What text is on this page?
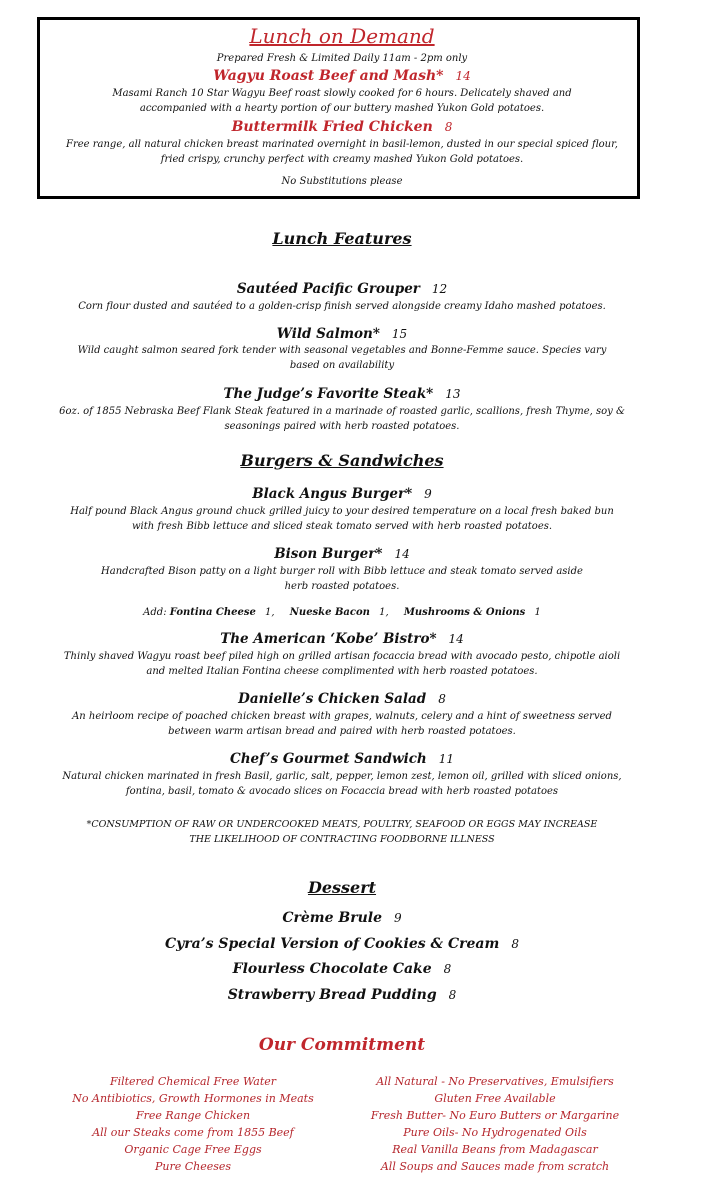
Lunch on Demand
Prepared Fresh & Limited Daily 11am - 2pm only
Wagyu Roast Beef and Mash* 14
Masami Ranch 10 Star Wagyu Beef roast slowly cooked for 6 hours. Delicately shaved and
accompanied with a hearty portion of our buttery mashed Yukon Gold potatoes.
Buttermilk Fried Chicken 8
Free range, all natural chicken breast marinated overnight in basil-lemon, dusted in our special spiced flour,
fried crispy, crunchy perfect with creamy mashed Yukon Gold potatoes.
No Substitutions please
Lunch Features
Sautéed Pacific Grouper 12
Corn flour dusted and sautéed to a golden-crisp finish served alongside creamy Idaho mashed potatoes.
Wild Salmon* 15
Wild caught salmon seared fork tender with seasonal vegetables and Bonne-Femme sauce. Species vary
based on availability
The Judge’s Favorite Steak* 13
6oz. of 1855 Nebraska Beef Flank Steak featured in a marinade of roasted garlic, scallions, fresh Thyme, soy &
seasonings paired with herb roasted potatoes.
Burgers & Sandwiches
Black Angus Burger* 9
Half pound Black Angus ground chuck grilled juicy to your desired temperature on a local fresh baked bun
with fresh Bibb lettuce and sliced steak tomato served with herb roasted potatoes.
Bison Burger* 14
Handcrafted Bison patty on a light burger roll with Bibb lettuce and steak tomato served aside
herb roasted potatoes.
Add: Fontina Cheese 1, Nueske Bacon 1, Mushrooms & Onions 1
The American ‘Kobe’ Bistro* 14
Thinly shaved Wagyu roast beef piled high on grilled artisan focaccia bread with avocado pesto, chipotle aioli
and melted Italian Fontina cheese complimented with herb roasted potatoes.
Danielle’s Chicken Salad 8
An heirloom recipe of poached chicken breast with grapes, walnuts, celery and a hint of sweetness served
between warm artisan bread and paired with herb roasted potatoes.
Chef’s Gourmet Sandwich 11
Natural chicken marinated in fresh Basil, garlic, salt, pepper, lemon zest, lemon oil, grilled with sliced onions,
fontina, basil, tomato & avocado slices on Focaccia bread with herb roasted potatoes
*CONSUMPTION OF RAW OR UNDERCOOKED MEATS, POULTRY, SEAFOOD OR EGGS MAY INCREASE
THE LIKELIHOOD OF CONTRACTING FOODBORNE ILLNESS
Dessert
Crème Brule 9
Cyra’s Special Version of Cookies & Cream 8
Flourless Chocolate Cake 8
Strawberry Bread Pudding 8
Our Commitment
Filtered Chemical Free Water
No Antibiotics, Growth Hormones in Meats
Free Range Chicken
All our Steaks come from 1855 Beef
Organic Cage Free Eggs
Pure Cheeses
All Natural - No Preservatives, Emulsifiers
Gluten Free Available
Fresh Butter- No Euro Butters or Margarine
Pure Oils- No Hydrogenated Oils
Real Vanilla Beans from Madagascar
All Soups and Sauces made from scratch
